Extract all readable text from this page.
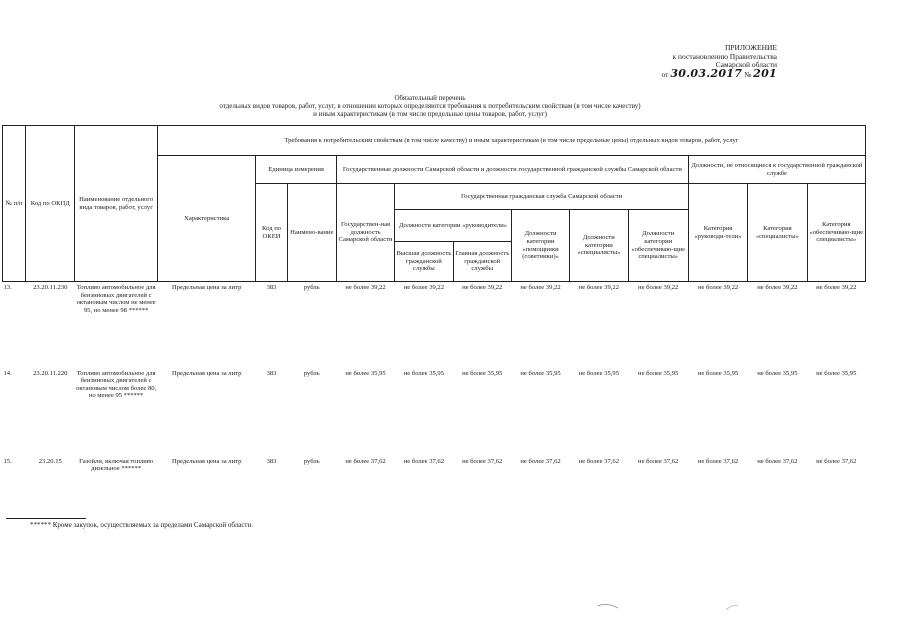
ПРИЛОЖЕНИЕ
к постановлению Правительства
Самарской области
от 30.03.2017 № 201
Обязательный перечень
отдельных видов товаров, работ, услуг, в отношении которых определяются требования к потребительским свойствам (в том числе качеству)
и иным характеристикам (в том числе предельные цены товаров, работ, услуг)
№ п/п	Код по ОКПД	Наименование отдельного вида товаров, работ, услуг	Требования к потребительским свойствам (в том числе качеству) и иным характеристикам (в том числе предельные цены) отдельных видов товаров, работ, услуг											
			Характеристика	Единица измерения		Государственные должности Самарской области и должности государственной гражданской службы Самарской области						Должности, не относящиеся к государственной гражданской службе		
				Код по ОКЕИ	Наимено-вание	Государствен-ная должность Самарской области	Государственная гражданская служба Самарской области					Категория «руководи-тели»	Категория «специалисты»	Категория «обеспечиваю-щие специалисты»
							Должности категории «руководители»		Должности категории «помощники (советники)»	Должности категории «специалисты»	Должности категории «обеспечиваю-щие специалисты»			
							Высшая должность гражданской службы	Главная должность гражданской службы						
13.	23.20.11.230	Топливо автомобильное для бензиновых двигателей с октановым числом не менее 95, но менее 98 ******	Предельная цена за литр	383	рубль	не более 39,22	не более 39,22	не более 39,22	не более 39,22	не более 39,22	не более 39,22	не более 39,22	не более 39,22	не более 39,22
14.	23.20.11.220	Топливо автомобильное для бензиновых двигателей с октановым числом более 80, но менее 95 ******	Предельная цена за литр	383	рубль	не более 35,95	не более 35,95	не более 35,95	не более 35,95	не более 35,95	не более 35,95	не более 35,95	не более 35,95	не более 35,95
15.	23.20.15	Газойли, включая топливо дизельное ******	Предельная цена за литр	383	рубль	не более 37,62	не более 37,62	не более 37,62	не более 37,62	не более 37,62	не более 37,62	не более 37,62	не более 37,62	не более 37,62
****** Кроме закупок, осуществляемых за пределами Самарской области.
